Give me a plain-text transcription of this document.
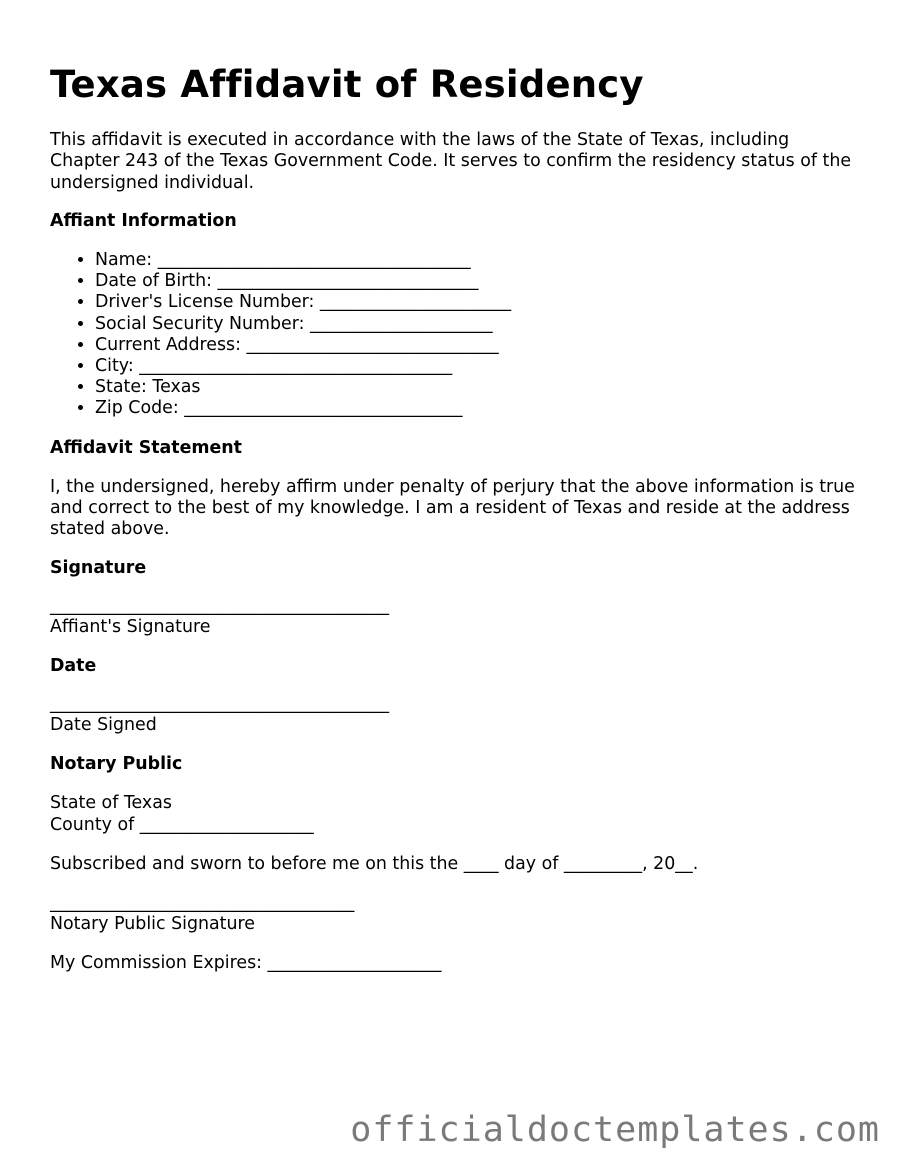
Texas Affidavit of Residency

This affidavit is executed in accordance with the laws of the State of Texas, including Chapter 243 of the Texas Government Code. It serves to confirm the residency status of the undersigned individual.

Affiant Information
• Name: ____________________________________
• Date of Birth: ______________________________
• Driver's License Number: ______________________
• Social Security Number: _____________________
• Current Address: _____________________________
• City: ____________________________________
• State: Texas
• Zip Code: ________________________________
Affidavit Statement

I, the undersigned, hereby affirm under penalty of perjury that the above information is true and correct to the best of my knowledge. I am a resident of Texas and reside at the address stated above.

Signature
_______________________________________
Affiant's Signature
Date
_______________________________________
Date Signed
Notary Public

State of Texas

County of ____________________

Subscribed and sworn to before me on this the ____ day of _________, 20__.

___________________________________
Notary Public Signature

My Commission Expires: ____________________

officialdoctemplates.com
